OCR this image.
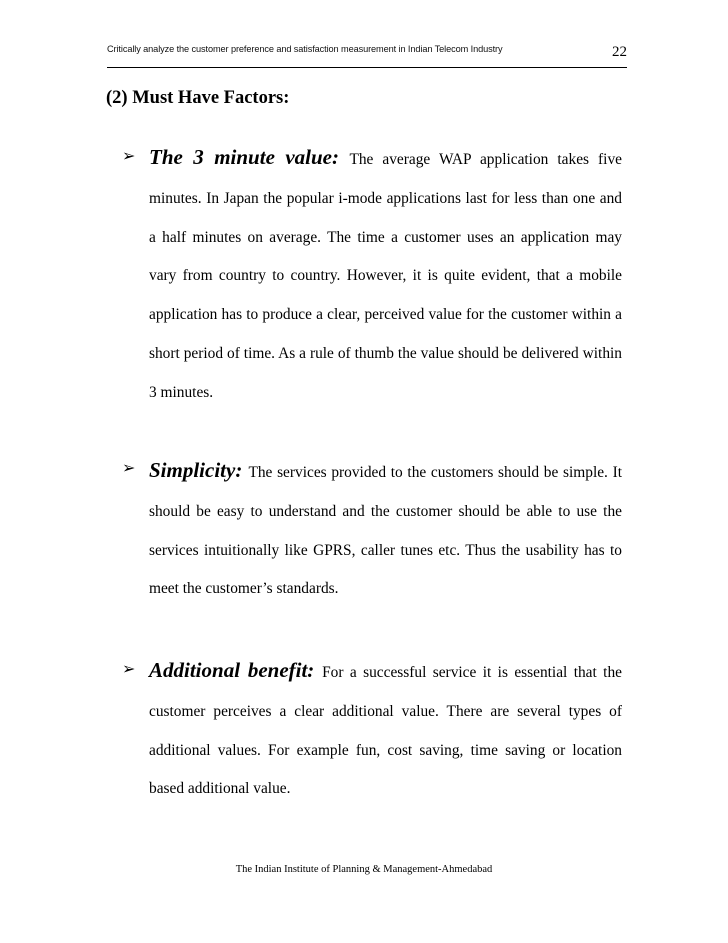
Critically analyze the customer preference and satisfaction measurement in Indian Telecom Industry	22
(2) Must Have Factors:
➢ The 3 minute value: The average WAP application takes five minutes. In Japan the popular i-mode applications last for less than one and a half minutes on average. The time a customer uses an application may vary from country to country. However, it is quite evident, that a mobile application has to produce a clear, perceived value for the customer within a short period of time. As a rule of thumb the value should be delivered within 3 minutes.
➢ Simplicity: The services provided to the customers should be simple. It should be easy to understand and the customer should be able to use the services intuitionally like GPRS, caller tunes etc. Thus the usability has to meet the customer’s standards.
➢ Additional benefit: For a successful service it is essential that the customer perceives a clear additional value. There are several types of additional values. For example fun, cost saving, time saving or location based additional value.
The Indian Institute of Planning & Management-Ahmedabad
